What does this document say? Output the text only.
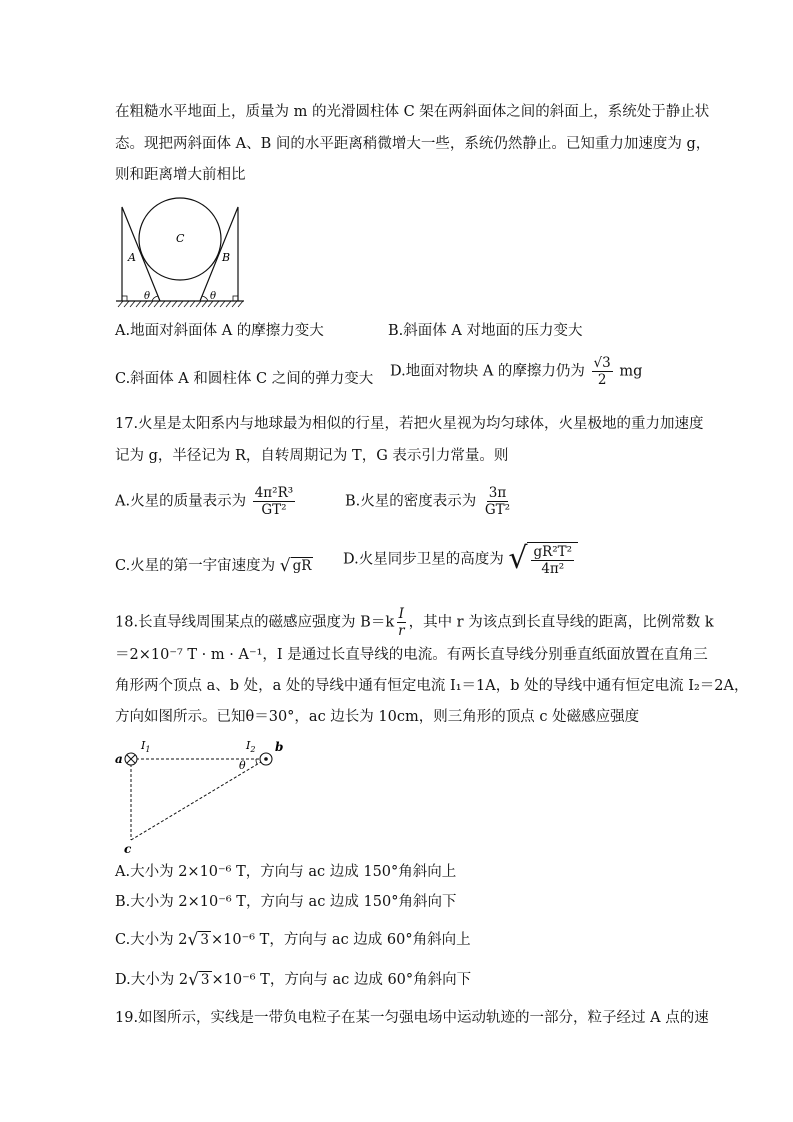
在粗糙水平地面上，质量为 m 的光滑圆柱体 C 架在两斜面体之间的斜面上，系统处于静止状
态。现把两斜面体 A、B 间的水平距离稍微增大一些，系统仍然静止。已知重力加速度为 g，
则和距离增大前相比
A	B
C
θ	θ
A.地面对斜面体 A 的摩擦力变大	B.斜面体 A 对地面的压力变大
C.斜面体 A 和圆柱体 C 之间的弹力变大 D.地面对物块 A 的摩擦力仍为 $\frac{√3}{2}$ mg
17.火星是太阳系内与地球最为相似的行星，若把火星视为均匀球体，火星极地的重力加速度
记为 g，半径记为 R，自转周期记为 T，G 表示引力常量。则
A.火星的质量表示为 $\frac{\text{4π²R³}}{\text{GT²}}$	B.火星的密度表示为 $\frac{3\pi}{\text{GT²}}$
C.火星的第一宇宙速度为 √ gR D.火星同步卫星的高度为 √ $\frac{\text{gR²T²}}{\text{4π²}}$
18.长直导线周围某点的磁感应强度为 $B=k \frac{I}{r}$ ，其中 r 为该点到长直导线的距离，比例常数 k
＝2×10⁻⁷ T · m · A⁻¹，I 是通过长直导线的电流。有两长直导线分别垂直纸面放置在直角三
角形两个顶点 a、b 处，a 处的导线中通有恒定电流 I₁＝1A，b 处的导线中通有恒定电流 I₂＝2A，
方向如图所示。已知θ＝30°，ac 边长为 10cm，则三角形的顶点 c 处磁感应强度
a
b
c
$I_1$	$I_2$
θ
A.大小为 2×10⁻⁶ T，方向与 ac 边成 150°角斜向上
B.大小为 2×10⁻⁶ T，方向与 ac 边成 150°角斜向下
C.大小为 2 √ 3 ×10⁻⁶ T，方向与 ac 边成 60°角斜向上
D.大小为 2 √ 3 ×10⁻⁶ T，方向与 ac 边成 60°角斜向下
19.如图所示，实线是一带负电粒子在某一匀强电场中运动轨迹的一部分，粒子经过 A 点的速
